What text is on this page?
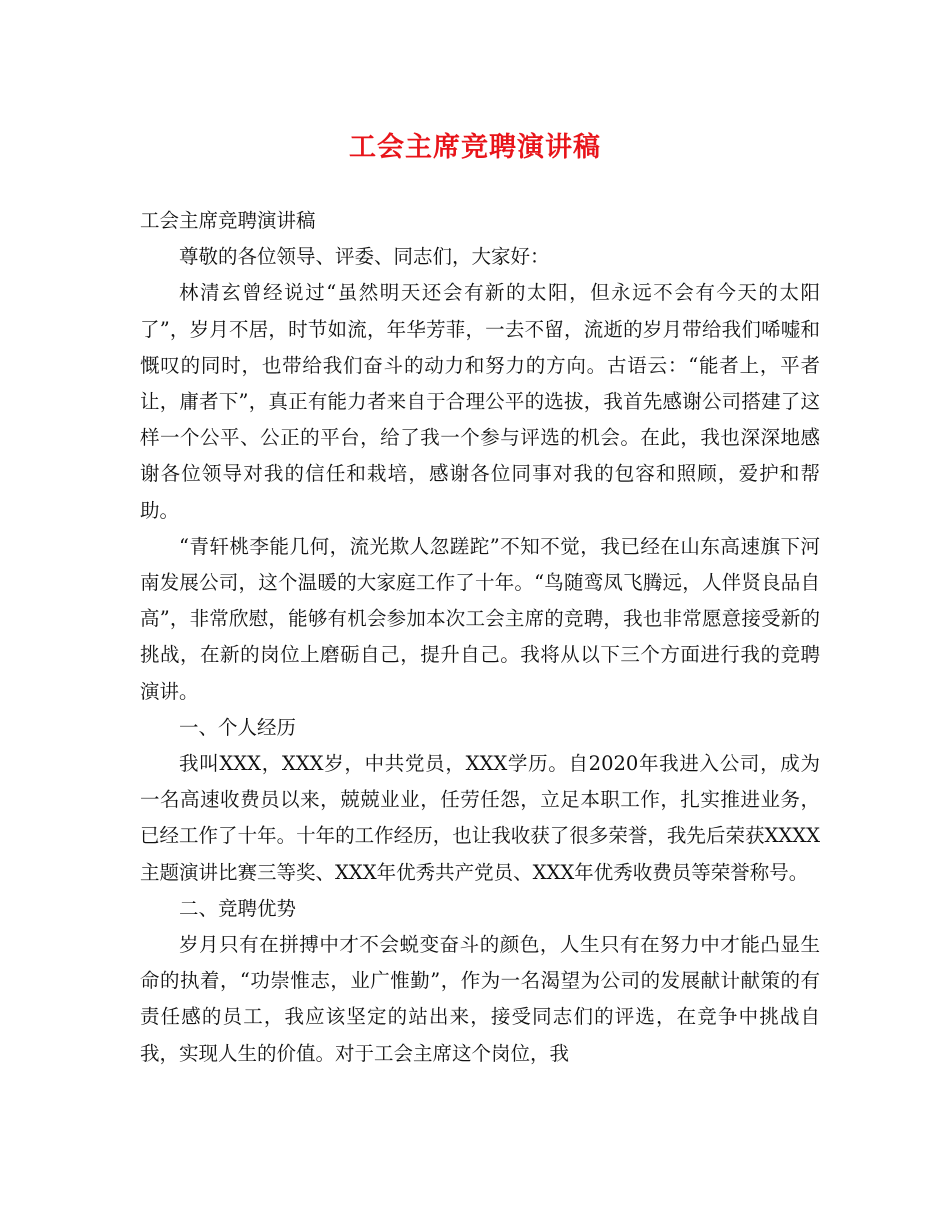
工会主席竞聘演讲稿

工会主席竞聘演讲稿

尊敬的各位领导、评委、同志们，大家好：

林清玄曾经说过“虽然明天还会有新的太阳，但永远不会有今天的太阳了”，岁月不居，时节如流，年华芳菲，一去不留，流逝的岁月带给我们唏嘘和慨叹的同时，也带给我们奋斗的动力和努力的方向。古语云：“能者上，平者让，庸者下”，真正有能力者来自于合理公平的选拔，我首先感谢公司搭建了这样一个公平、公正的平台，给了我一个参与评选的机会。在此，我也深深地感谢各位领导对我的信任和栽培，感谢各位同事对我的包容和照顾，爱护和帮助。

“青轩桃李能几何，流光欺人忽蹉跎”不知不觉，我已经在山东高速旗下河南发展公司，这个温暖的大家庭工作了十年。“鸟随鸾凤飞腾远，人伴贤良品自高”，非常欣慰，能够有机会参加本次工会主席的竞聘，我也非常愿意接受新的挑战，在新的岗位上磨砺自己，提升自己。我将从以下三个方面进行我的竞聘演讲。

一、个人经历

我叫XXX，XXX岁，中共党员，XXX学历。自2020年我进入公司，成为一名高速收费员以来，兢兢业业，任劳任怨，立足本职工作，扎实推进业务，已经工作了十年。十年的工作经历，也让我收获了很多荣誉，我先后荣获XXXX主题演讲比赛三等奖、XXX年优秀共产党员、XXX年优秀收费员等荣誉称号。

二、竞聘优势

岁月只有在拼搏中才不会蜕变奋斗的颜色，人生只有在努力中才能凸显生命的执着，“功崇惟志，业广惟勤”，作为一名渴望为公司的发展献计献策的有责任感的员工，我应该坚定的站出来，接受同志们的评选，在竞争中挑战自我，实现人生的价值。对于工会主席这个岗位，我
